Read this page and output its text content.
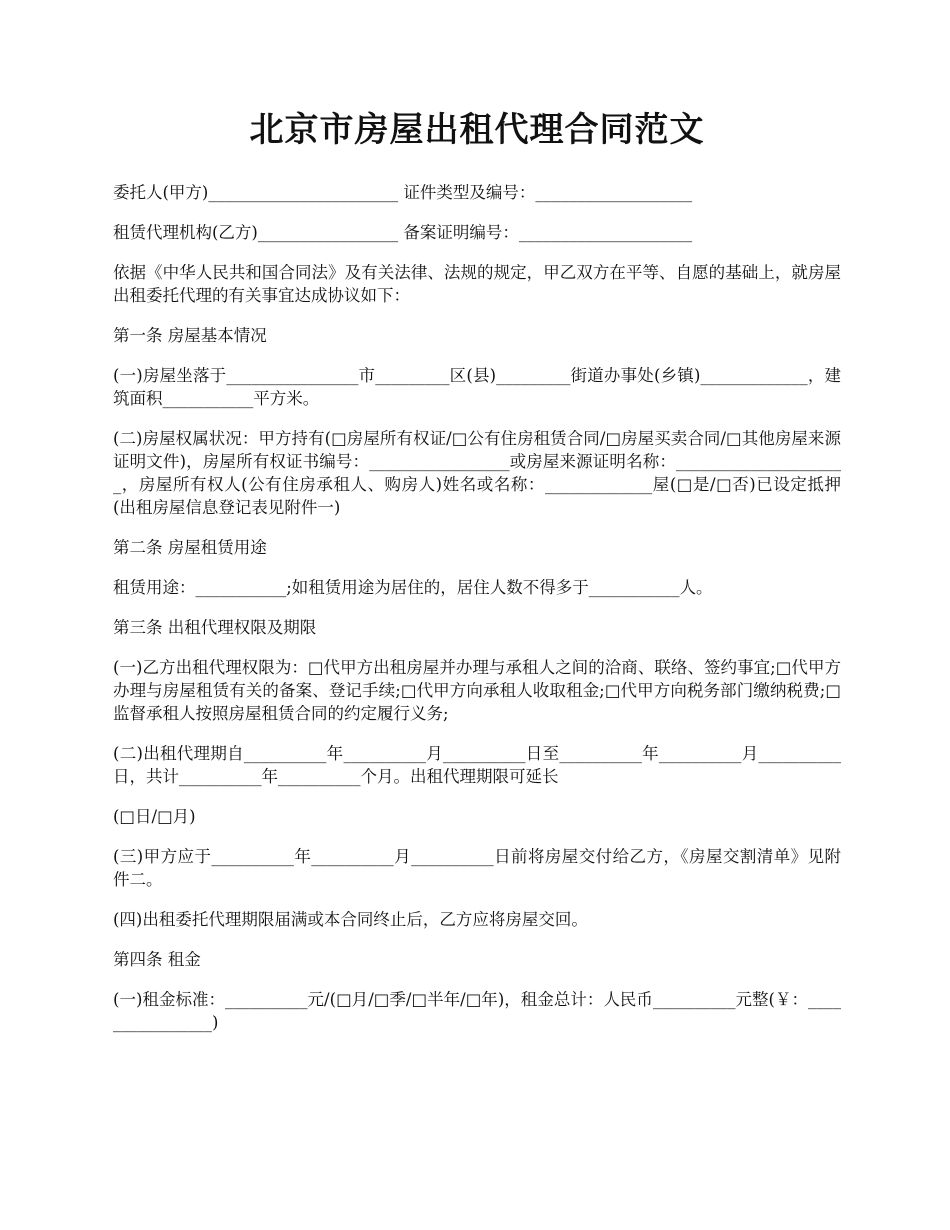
北京市房屋出租代理合同范文

委托人(甲方)_______________________ 证件类型及编号：___________________

租赁代理机构(乙方)_________________ 备案证明编号：_____________________

依据《中华人民共和国合同法》及有关法律、法规的规定，甲乙双方在平等、自愿的基础上，就房屋出租委托代理的有关事宜达成协议如下：

第一条 房屋基本情况

(一)房屋坐落于________________市_________区(县)_________街道办事处(乡镇)_____________，建筑面积___________平方米。

(二)房屋权属状况：甲方持有(□房屋所有权证/□公有住房租赁合同/□房屋买卖合同/□其他房屋来源证明文件)，房屋所有权证书编号：_________________或房屋来源证明名称：_____________________，房屋所有权人(公有住房承租人、购房人)姓名或名称：_____________屋(□是/□否)已设定抵押(出租房屋信息登记表见附件一)

第二条 房屋租赁用途

租赁用途：___________;如租赁用途为居住的，居住人数不得多于___________人。

第三条 出租代理权限及期限

(一)乙方出租代理权限为：□代甲方出租房屋并办理与承租人之间的洽商、联络、签约事宜;□代甲方办理与房屋租赁有关的备案、登记手续;□代甲方向承租人收取租金;□代甲方向税务部门缴纳税费;□监督承租人按照房屋租赁合同的约定履行义务;

(二)出租代理期自__________年__________月__________日至__________年__________月__________日，共计__________年__________个月。出租代理期限可延长

(□日/□月)

(三)甲方应于__________年__________月__________日前将房屋交付给乙方，《房屋交割清单》见附件二。

(四)出租委托代理期限届满或本合同终止后，乙方应将房屋交回。

第四条 租金

(一)租金标准：__________元/(□月/□季/□半年/□年)，租金总计：人民币__________元整(￥：________________)
